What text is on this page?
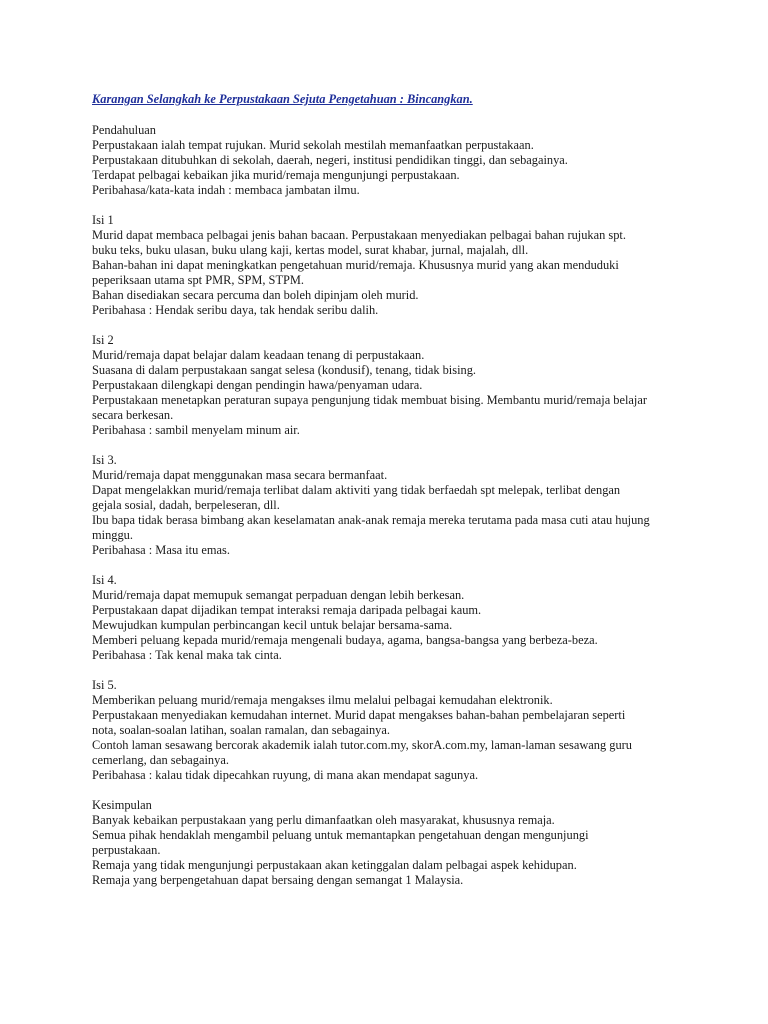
Karangan Selangkah ke Perpustakaan Sejuta Pengetahuan : Bincangkan.
Pendahuluan
Perpustakaan ialah tempat rujukan. Murid sekolah mestilah memanfaatkan perpustakaan.
Perpustakaan ditubuhkan di sekolah, daerah, negeri, institusi pendidikan tinggi, dan sebagainya.
Terdapat pelbagai kebaikan jika murid/remaja mengunjungi perpustakaan.
Peribahasa/kata-kata indah : membaca jambatan ilmu.
Isi 1
Murid dapat membaca pelbagai jenis bahan bacaan. Perpustakaan menyediakan pelbagai bahan rujukan spt.
buku teks, buku ulasan, buku ulang kaji, kertas model, surat khabar, jurnal, majalah, dll.
Bahan-bahan ini dapat meningkatkan pengetahuan murid/remaja. Khususnya murid yang akan menduduki
peperiksaan utama spt PMR, SPM, STPM.
Bahan disediakan secara percuma dan boleh dipinjam oleh murid.
Peribahasa : Hendak seribu daya, tak hendak seribu dalih.
Isi 2
Murid/remaja dapat belajar dalam keadaan tenang di perpustakaan.
Suasana di dalam perpustakaan sangat selesa (kondusif), tenang, tidak bising.
Perpustakaan dilengkapi dengan pendingin hawa/penyaman udara.
Perpustakaan menetapkan peraturan supaya pengunjung tidak membuat bising. Membantu murid/remaja belajar
secara berkesan.
Peribahasa : sambil menyelam minum air.
Isi 3.
Murid/remaja dapat menggunakan masa secara bermanfaat.
Dapat mengelakkan murid/remaja terlibat dalam aktiviti yang tidak berfaedah spt melepak, terlibat dengan
gejala sosial, dadah, berpeleseran, dll.
Ibu bapa tidak berasa bimbang akan keselamatan anak-anak remaja mereka terutama pada masa cuti atau hujung
minggu.
Peribahasa : Masa itu emas.
Isi 4.
Murid/remaja dapat memupuk semangat perpaduan dengan lebih berkesan.
Perpustakaan dapat dijadikan tempat interaksi remaja daripada pelbagai kaum.
Mewujudkan kumpulan perbincangan kecil untuk belajar bersama-sama.
Memberi peluang kepada murid/remaja mengenali budaya, agama, bangsa-bangsa yang berbeza-beza.
Peribahasa : Tak kenal maka tak cinta.
Isi 5.
Memberikan peluang murid/remaja mengakses ilmu melalui pelbagai kemudahan elektronik.
Perpustakaan menyediakan kemudahan internet. Murid dapat mengakses bahan-bahan pembelajaran seperti
nota, soalan-soalan latihan, soalan ramalan, dan sebagainya.
Contoh laman sesawang bercorak akademik ialah tutor.com.my, skorA.com.my, laman-laman sesawang guru
cemerlang, dan sebagainya.
Peribahasa : kalau tidak dipecahkan ruyung, di mana akan mendapat sagunya.
Kesimpulan
Banyak kebaikan perpustakaan yang perlu dimanfaatkan oleh masyarakat, khususnya remaja.
Semua pihak hendaklah mengambil peluang untuk memantapkan pengetahuan dengan mengunjungi
perpustakaan.
Remaja yang tidak mengunjungi perpustakaan akan ketinggalan dalam pelbagai aspek kehidupan.
Remaja yang berpengetahuan dapat bersaing dengan semangat 1 Malaysia.
